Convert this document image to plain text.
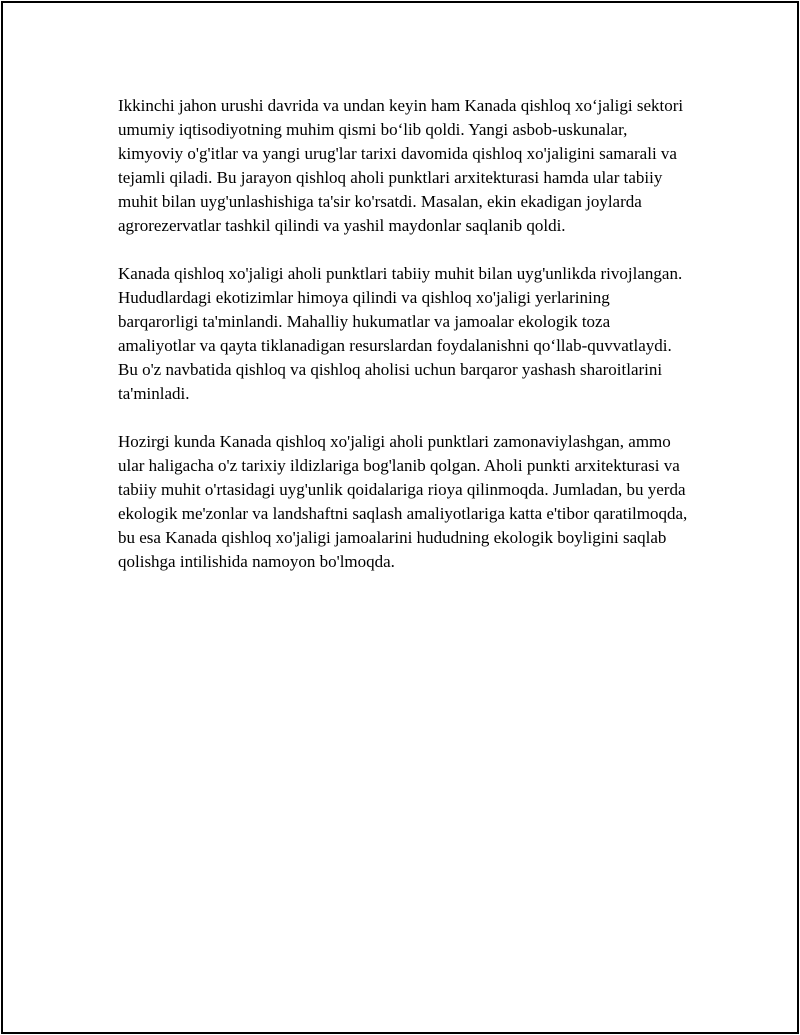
Ikkinchi jahon urushi davrida va undan keyin ham Kanada qishloq xo‘jaligi sektori umumiy iqtisodiyotning muhim qismi bo‘lib qoldi. Yangi asbob-uskunalar, kimyoviy o'g'itlar va yangi urug'lar tarixi davomida qishloq xo'jaligini samarali va tejamli qiladi. Bu jarayon qishloq aholi punktlari arxitekturasi hamda ular tabiiy muhit bilan uyg'unlashishiga ta'sir ko'rsatdi. Masalan, ekin ekadigan joylarda agrorezervatlar tashkil qilindi va yashil maydonlar saqlanib qoldi.

Kanada qishloq xo'jaligi aholi punktlari tabiiy muhit bilan uyg'unlikda rivojlangan. Hududlardagi ekotizimlar himoya qilindi va qishloq xo'jaligi yerlarining barqarorligi ta'minlandi. Mahalliy hukumatlar va jamoalar ekologik toza amaliyotlar va qayta tiklanadigan resurslardan foydalanishni qo‘llab-quvvatlaydi. Bu o'z navbatida qishloq va qishloq aholisi uchun barqaror yashash sharoitlarini ta'minladi.

Hozirgi kunda Kanada qishloq xo'jaligi aholi punktlari zamonaviylashgan, ammo ular haligacha o'z tarixiy ildizlariga bog'lanib qolgan. Aholi punkti arxitekturasi va tabiiy muhit o'rtasidagi uyg'unlik qoidalariga rioya qilinmoqda. Jumladan, bu yerda ekologik me'zonlar va landshaftni saqlash amaliyotlariga katta e'tibor qaratilmoqda, bu esa Kanada qishloq xo'jaligi jamoalarini hududning ekologik boyligini saqlab qolishga intilishida namoyon bo'lmoqda.
